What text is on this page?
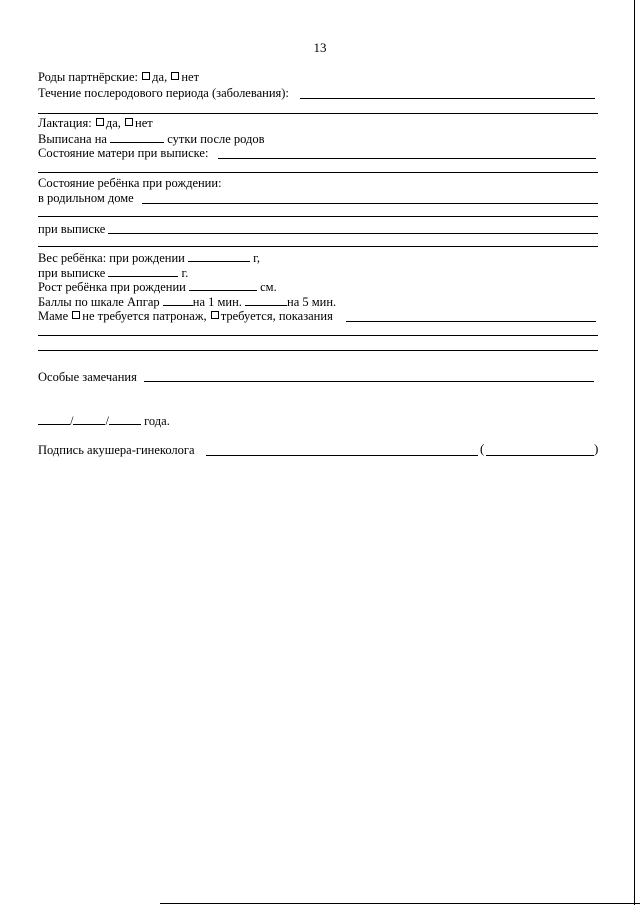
13
Роды партнёрские: да, нет
Течение послеродового периода (заболевания):
Лактация: да, нет
Выписана на	сутки после родов
Состояние матери при выписке:
Состояние ребёнка при рождении:
в родильном доме
при выписке
Вес ребёнка: при рождении	г,
при выписке	г.
Рост ребёнка при рождении	см.
Баллы по шкале Апгар	на 1 мин.	на 5 мин.
Маме не требуется патронаж, требуется, показания
Особые замечания
/	/	года.
Подпись акушера-гинеколога	(	)
